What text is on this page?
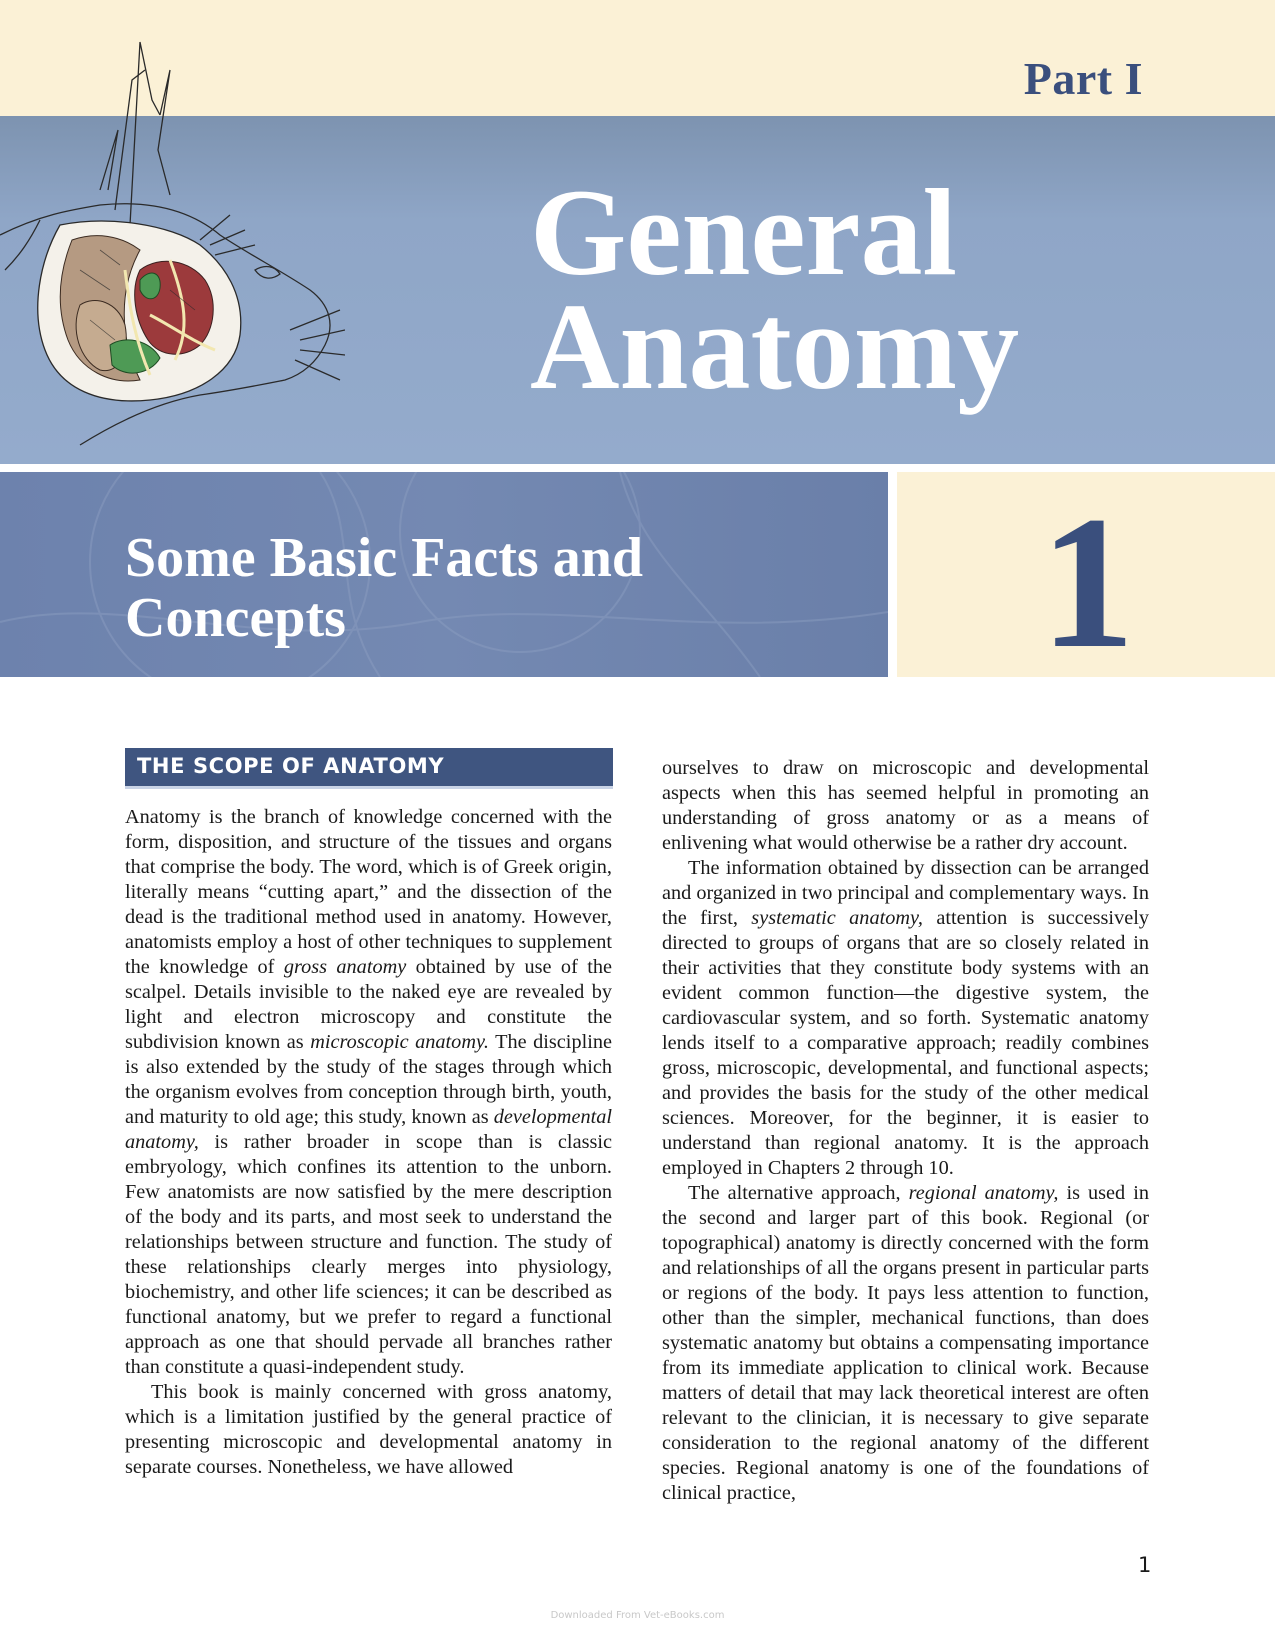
Part I
General
Anatomy
Some Basic Facts and
Concepts	1
THE SCOPE OF ANATOMY

Anatomy is the branch of knowledge concerned with the form, disposition, and structure of the tissues and organs that comprise the body. The word, which is of Greek origin, literally means “cutting apart,” and the dissection of the dead is the traditional method used in anatomy. However, anatomists employ a host of other techniques to supplement the knowledge of gross anatomy obtained by use of the scalpel. Details invisible to the naked eye are revealed by light and electron microscopy and constitute the subdivision known as microscopic anatomy. The discipline is also extended by the study of the stages through which the organism evolves from conception through birth, youth, and maturity to old age; this study, known as developmental anatomy, is rather broader in scope than is classic embryology, which confines its attention to the unborn. Few anatomists are now satisfied by the mere description of the body and its parts, and most seek to understand the relationships between structure and function. The study of these relationships clearly merges into physiology, biochemistry, and other life sciences; it can be described as functional anatomy, but we prefer to regard a functional approach as one that should pervade all branches rather than constitute a quasi-independent study.

This book is mainly concerned with gross anatomy, which is a limitation justified by the general practice of presenting microscopic and developmental anatomy in separate courses. Nonetheless, we have allowed

ourselves to draw on microscopic and developmental aspects when this has seemed helpful in promoting an understanding of gross anatomy or as a means of enlivening what would otherwise be a rather dry account.

The information obtained by dissection can be arranged and organized in two principal and complementary ways. In the first, systematic anatomy, attention is successively directed to groups of organs that are so closely related in their activities that they constitute body systems with an evident common function—the digestive system, the cardiovascular system, and so forth. Systematic anatomy lends itself to a comparative approach; readily combines gross, microscopic, developmental, and functional aspects; and provides the basis for the study of the other medical sciences. Moreover, for the beginner, it is easier to understand than regional anatomy. It is the approach employed in Chapters 2 through 10.

The alternative approach, regional anatomy, is used in the second and larger part of this book. Regional (or topographical) anatomy is directly concerned with the form and relationships of all the organs present in particular parts or regions of the body. It pays less attention to function, other than the simpler, mechanical functions, than does systematic anatomy but obtains a compensating importance from its immediate application to clinical work. Because matters of detail that may lack theoretical interest are often relevant to the clinician, it is necessary to give separate consideration to the regional anatomy of the different species. Regional anatomy is one of the foundations of clinical practice,

1
Downloaded From Vet-eBooks.com
